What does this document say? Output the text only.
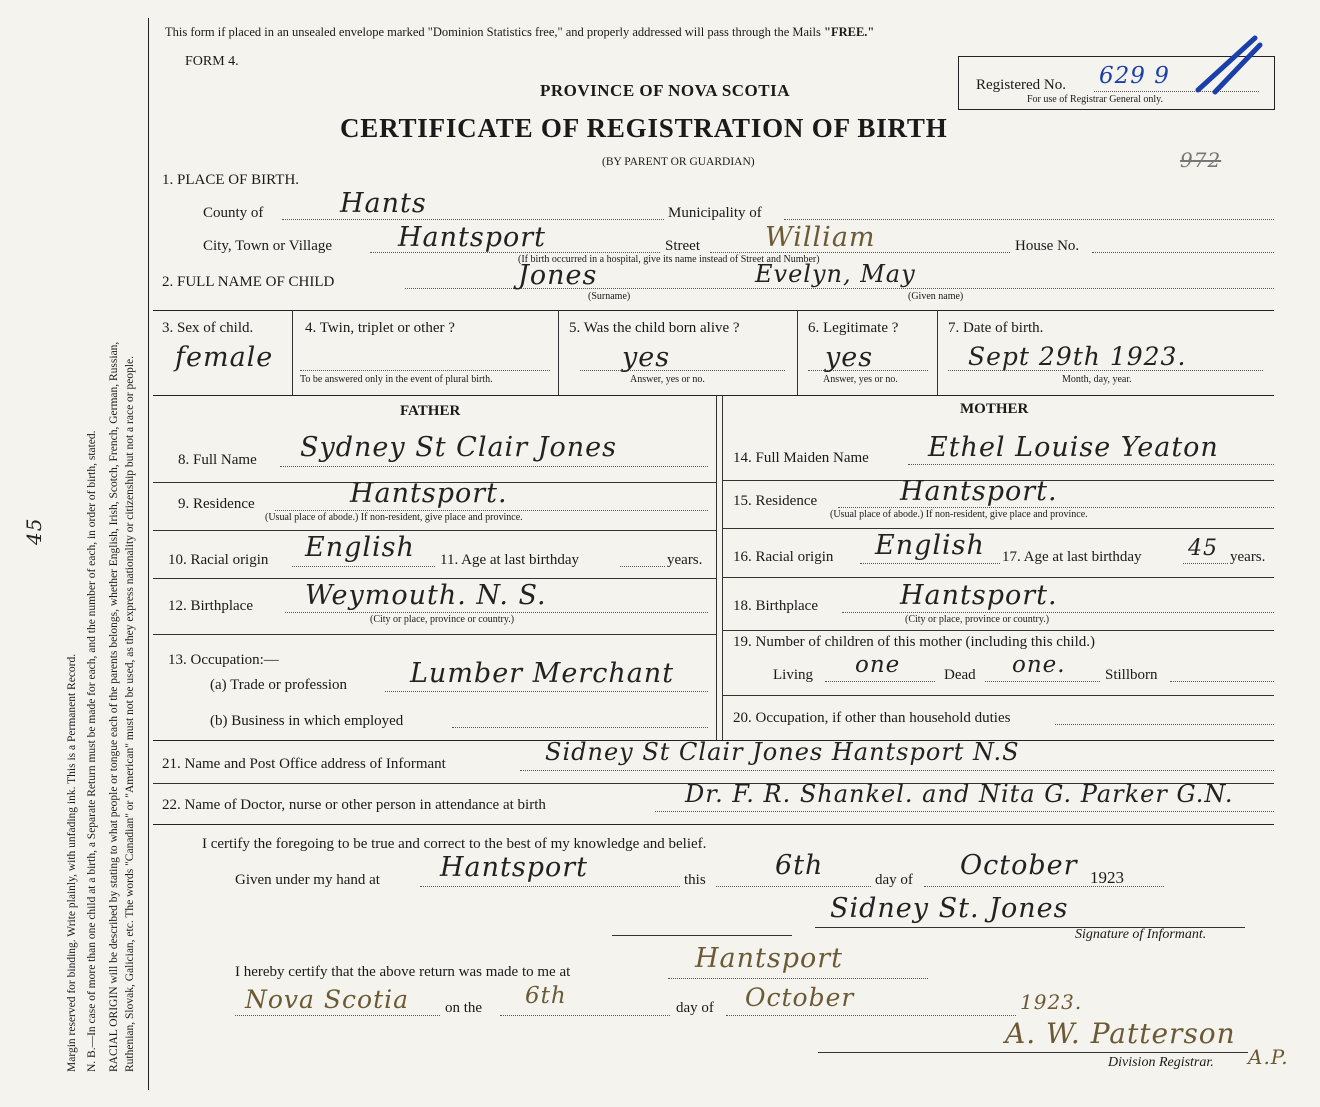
Margin reserved for binding. Write plainly, with unfading ink. This is a Permanent Record. N. B.—In case of more than one child at a birth, a Separate Return must be made for each, and the number of each, in order of birth, stated. RACIAL ORIGIN will be described by stating to what people or tongue each of the parents belongs, whether English, Irish, Scotch, French, German, Russian, Ruthenian, Slovak, Galician, etc. The words "Canadian" or "American" must not be used, as they express nationality or citizenship but not a race or people.
45
This form if placed in an unsealed envelope marked "Dominion Statistics free," and properly addressed will pass through the Mails "FREE."
FORM 4.
PROVINCE OF NOVA SCOTIA
CERTIFICATE OF REGISTRATION OF BIRTH
(BY PARENT OR GUARDIAN)
Registered No. 629 9
For use of Registrar General only.
972
1. PLACE OF BIRTH.
County of	Hants	Municipality of
City, Town or Village Hantsport	Street William	House No.
(If birth occurred in a hospital, give its name instead of Street and Number)
2. FULL NAME OF CHILD	Jones	Evelyn, May
(Surname)	(Given name)
3. Sex of child.
female
4. Twin, triplet or other ?
To be answered only in the event of plural birth.
5. Was the child born alive ?
yes
Answer, yes or no.
6. Legitimate ?
yes
Answer, yes or no.
7. Date of birth.
Sept 29th 1923.
Month, day, year.
FATHER	MOTHER
8. Full Name Sydney St Clair Jones
9. Residence	Hantsport.
(Usual place of abode.) If non-resident, give place and province.
10. Racial origin English 11. Age at last birthday	years.
12. Birthplace Weymouth. N. S.
(City or place, province or country.)
13. Occupation:—
(a) Trade or profession Lumber Merchant
(b) Business in which employed
14. Full Maiden Name Ethel Louise Yeaton
15. Residence	Hantsport.
(Usual place of abode.) If non-resident, give place and province.
16. Racial origin English 17. Age at last birthday 45 years.
18. Birthplace	Hantsport.
(City or place, province or country.)
19. Number of children of this mother (including this child.)
Living one	Dead one.	Stillborn
20. Occupation, if other than household duties
21. Name and Post Office address of Informant	Sidney St Clair Jones Hantsport N.S
22. Name of Doctor, nurse or other person in attendance at birth	Dr. F. R. Shankel. and Nita G. Parker G.N.
I certify the foregoing to be true and correct to the best of my knowledge and belief.
Given under my hand at Hantsport	this	6th	day of October 1923
Sidney St. Jones
Signature of Informant.
I hereby certify that the above return was made to me at	Hantsport
Nova Scotia on the 6th	day of October	1923.
A. W. Patterson
Division Registrar. A.P.
